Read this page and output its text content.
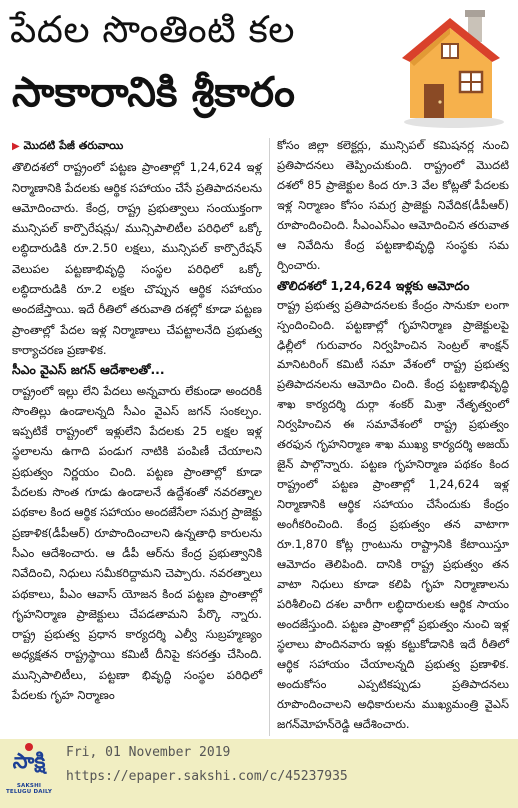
పేదల సొంతింటి కల
సాకారానికి శ్రీకారం
▶ మొదటి పేజీ తరువాయి

తొలిదశలో రాష్ట్రంలో పట్టణ ప్రాంతాల్లో 1,24,624 ఇళ్ల నిర్మాణానికి పేదలకు ఆర్థిక సహాయం చేసే ప్రతిపాదనలను ఆమోదించారు. కేంద్ర, రాష్ట్ర ప్రభుత్వాలు సంయుక్తంగా మున్సిపల్ కార్పొరేషన్లు/ మున్సిపాలిటీల పరిధిలో ఒక్కో లబ్ధిదారుడికి రూ.2.50 లక్షలు, మున్సిపల్ కార్పొరేషన్ వెలుపల పట్టణాభివృద్ధి సంస్థల పరిధిలో ఒక్కో లబ్ధిదారుడికి రూ.2 లక్షల చొప్పున ఆర్థిక సహాయం అందజేస్తాయి. ఇదే రీతిలో తరువాతి దశల్లో కూడా పట్టణ ప్రాంతాల్లో పేదల ఇళ్ల నిర్మాణాలు చేపట్టాలనేది ప్రభుత్వ కార్యాచరణ ప్రణాళిక.

సీఎం వైఎస్ జగన్ ఆదేశాలతో...

రాష్ట్రంలో ఇల్లు లేని పేదలు అన్నవారు లేకుండా అందరికీ సొంతిల్లు ఉండాలన్నది సీఎం వైఎస్ జగన్ సంకల్పం. ఇప్పటికే రాష్ట్రంలో ఇళ్లులేని పేదలకు 25 లక్షల ఇళ్ల స్థలాలను ఉగాది పండుగ నాటికి పంపిణీ చేయాలని ప్రభుత్వం నిర్ణయం చింది. పట్టణ ప్రాంతాల్లో కూడా పేదలకు సొంత గూడు ఉండాలనే ఉద్దేశంతో నవరత్నాల పథకాల కింద ఆర్థిక సహాయం అందజేసేలా సమగ్ర ప్రాజెక్టు ప్రణాళిక(డీపీఆర్) రూపొందించాలని ఉన్నతాధి కారులను సీఎం ఆదేశించారు. ఆ డీపీ ఆర్‌ను కేంద్ర ప్రభుత్వానికి నివేదించి, నిధులు సమీకరిద్దామని చెప్పారు. నవరత్నాలు పథకాలు, పీఎం ఆవాస్ యోజన కింద పట్టణ ప్రాంతాల్లో గృహనిర్మాణ ప్రాజెక్టులు చేపడతామని పేర్కొ న్నారు. రాష్ట్ర ప్రభుత్వ ప్రధాన కార్యదర్శి ఎల్వీ సుబ్రహ్మణ్యం అధ్యక్షతన రాష్ట్రస్థాయి కమిటీ దీనిపై కసరత్తు చేసింది. మున్సిపాలిటీలు, పట్టణా భివృద్ధి సంస్థల పరిధిలో పేదలకు గృహ నిర్మాణం

కోసం జిల్లా కలెక్టర్లు, మున్సిపల్ కమిషనర్ల నుంచి ప్రతిపాదనలు తెప్పించుకుంది. రాష్ట్రంలో మొదటి దశలో 85 ప్రాజెక్టుల కింద రూ.3 వేల కోట్లతో పేదలకు ఇళ్ల నిర్మాణం కోసం సమగ్ర ప్రాజెక్టు నివేదిక(డీపీఆర్) రూపొందించింది. సీఎంఎస్‌ఎం ఆమోదించిన తరువాత ఆ నివేదిను కేంద్ర పట్టణాభివృద్ధి సంస్థకు సమ ర్పించారు.

తొలిదశలో 1,24,624 ఇళ్లకు ఆమోదం

రాష్ట్ర ప్రభుత్వ ప్రతిపాదనలకు కేంద్రం సానుకూ లంగా స్పందించింది. పట్టణాల్లో గృహనిర్మాణ ప్రాజెక్టులపై ఢిల్లీలో గురువారం నిర్వహించిన సెంట్రల్ శాంక్షన్ మానిటరింగ్ కమిటీ సమా వేశంలో రాష్ట్ర ప్రభుత్వ ప్రతిపాదనలను ఆమోదిం చింది. కేంద్ర పట్టణాభివృద్ధి శాఖ కార్యదర్శి దుర్గా శంకర్ మిశ్రా నేతృత్వంలో నిర్వహించిన ఈ సమావేశంలో రాష్ట్ర ప్రభుత్వం తరఫున గృహనిర్మాణ శాఖ ముఖ్య కార్యదర్శి అజయ్ జైన్ పాల్గొన్నారు. పట్టణ గృహనిర్మాణ పథకం కింద రాష్ట్రంలో పట్టణ ప్రాంతాల్లో 1,24,624 ఇళ్ల నిర్మాణానికి ఆర్థిక సహాయం చేసేందుకు కేంద్రం అంగీకరించింది. కేంద్ర ప్రభుత్వం తన వాటాగా రూ.1,870 కోట్ల గ్రాంటును రాష్ట్రానికి కేటాయిస్తూ ఆమోదం తెలిపింది. దానికి రాష్ట్ర ప్రభుత్వం తన వాటా నిధులు కూడా కలిపి గృహ నిర్మాణాలను పరిశీలించి దశల వారీగా లబ్ధిదారులకు ఆర్థిక సాయం అందజేస్తుంది. పట్టణ ప్రాంతాల్లో ప్రభుత్వం నుంచి ఇళ్ల స్థలాలు పొందినవారు ఇళ్లు కట్టుకోడానికి ఇదే రీతిలో ఆర్థిక సహాయం చేయాలన్నది ప్రభుత్వ ప్రణాళిక. అందుకోసం ఎప్పటికప్పుడు ప్రతిపాదనలు రూపొందించాలని అధికారులను ముఖ్యమంత్రి వైఎస్ జగన్‌మోహన్‌రెడ్డి ఆదేశించారు.

సాక్షి
SAKSHI TELUGU DAILY
Fri, 01 November 2019
https://epaper.sakshi.com/c/45237935
